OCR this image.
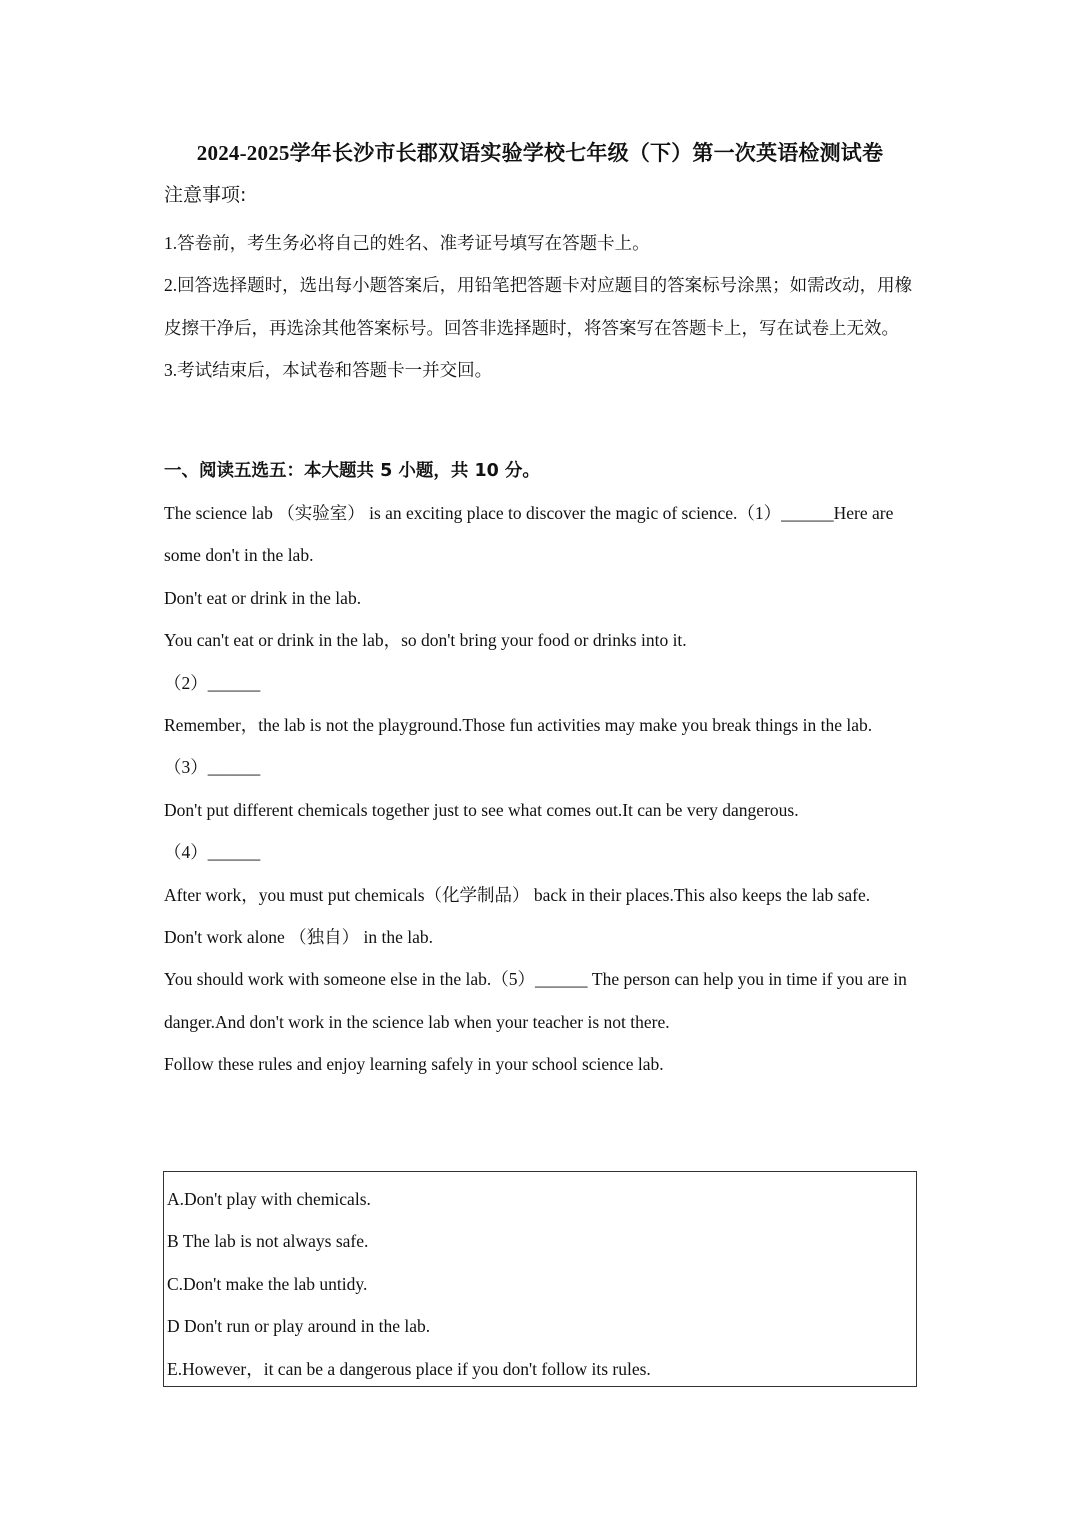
2024-2025学年长沙市长郡双语实验学校七年级（下）第一次英语检测试卷
注意事项:

1.答卷前，考生务必将自己的姓名、准考证号填写在答题卡上。

2.回答选择题时，选出每小题答案后，用铅笔把答题卡对应题目的答案标号涂黑；如需改动，用橡皮擦干净后，再选涂其他答案标号。回答非选择题时，将答案写在答题卡上，写在试卷上无效。

3.考试结束后，本试卷和答题卡一并交回。

一、阅读五选五：本大题共 5 小题，共 10 分。

The science lab （实验室） is an exciting place to discover the magic of science.（1）______Here are some don't in the lab.

Don't eat or drink in the lab.

You can't eat or drink in the lab，so don't bring your food or drinks into it.

（2）______

Remember，the lab is not the playground.Those fun activities may make you break things in the lab.

（3）______

Don't put different chemicals together just to see what comes out.It can be very dangerous.

（4）______

After work，you must put chemicals（化学制品） back in their places.This also keeps the lab safe.

Don't work alone （独自） in the lab.

You should work with someone else in the lab.（5）______ The person can help you in time if you are in danger.And don't work in the science lab when your teacher is not there.

Follow these rules and enjoy learning safely in your school science lab.

A.Don't play with chemicals.

B The lab is not always safe.

C.Don't make the lab untidy.

D Don't run or play around in the lab.

E.However，it can be a dangerous place if you don't follow its rules.
